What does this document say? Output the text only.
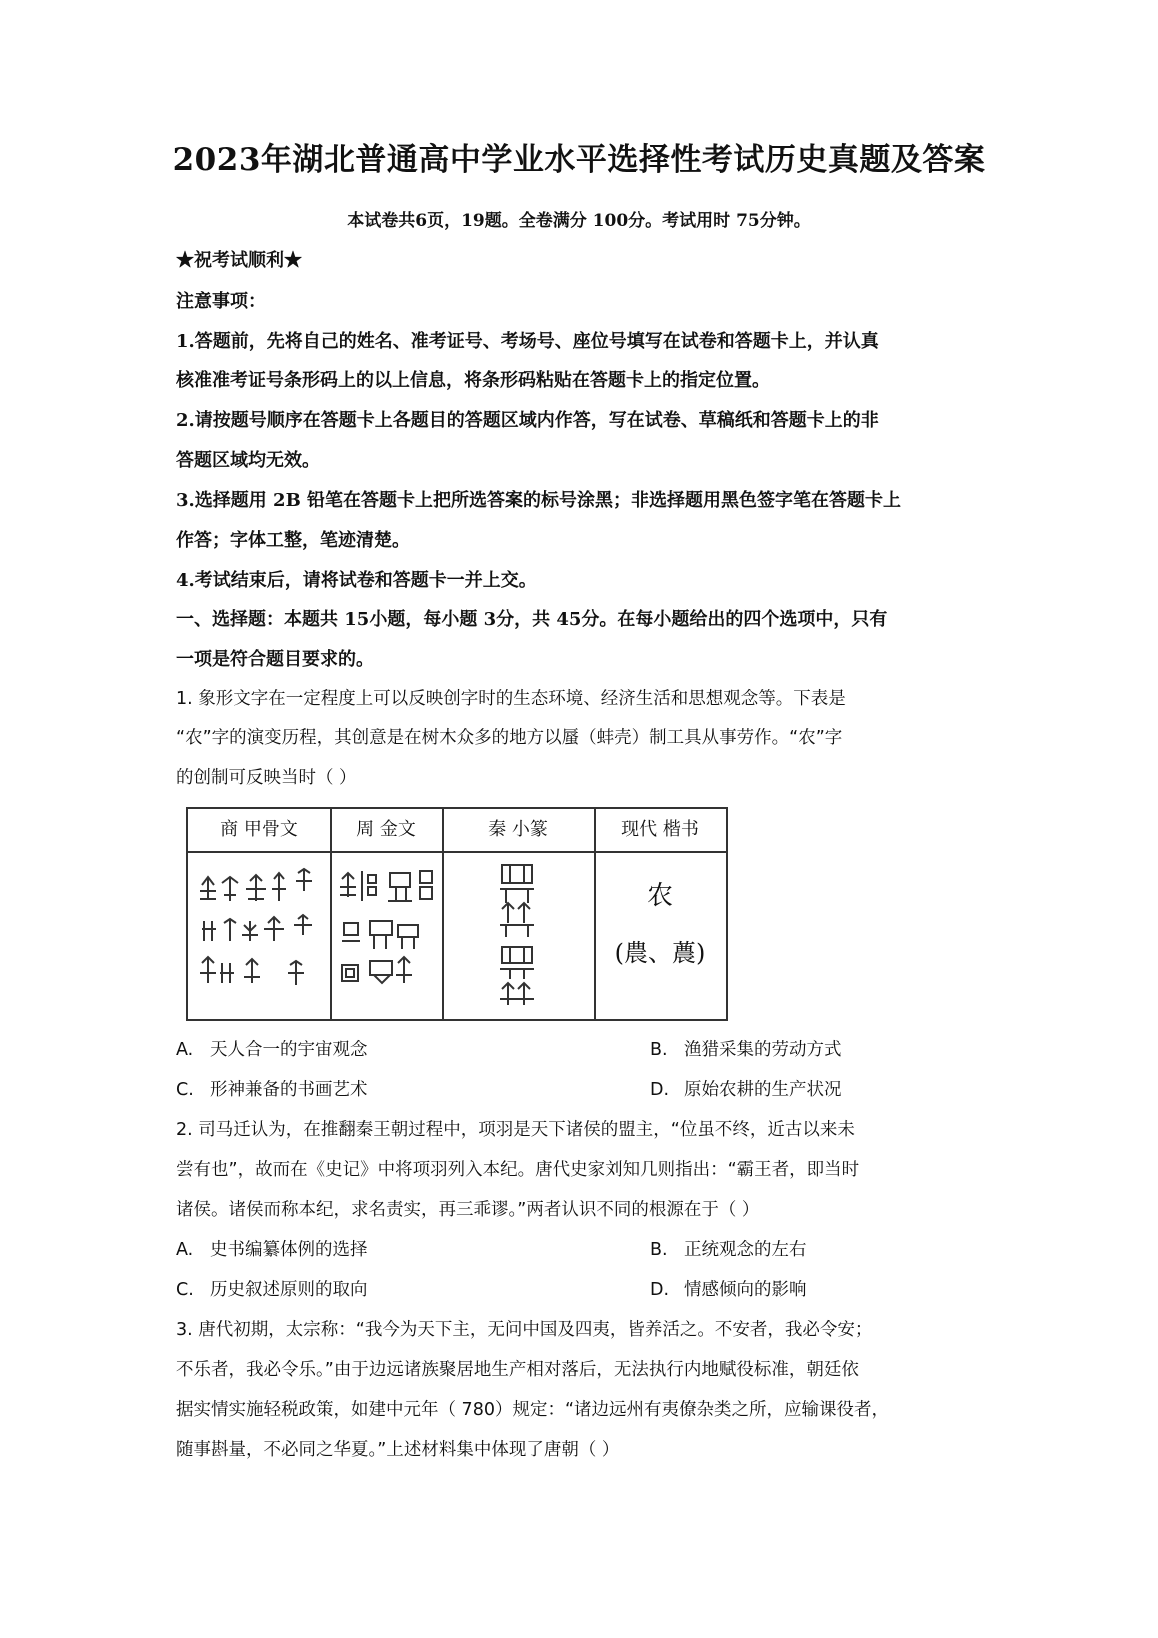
2023年湖北普通高中学业水平选择性考试历史真题及答案
本试卷共6页，19题。全卷满分 100分。考试用时 75分钟。
★祝考试顺利★
注意事项：
1.答题前，先将自己的姓名、准考证号、考场号、座位号填写在试卷和答题卡上，并认真
核准准考证号条形码上的以上信息，将条形码粘贴在答题卡上的指定位置。
2.请按题号顺序在答题卡上各题目的答题区域内作答，写在试卷、草稿纸和答题卡上的非
答题区域均无效。
3.选择题用 2B 铅笔在答题卡上把所选答案的标号涂黑；非选择题用黑色签字笔在答题卡上
作答；字体工整，笔迹清楚。
4.考试结束后，请将试卷和答题卡一并上交。
一、选择题：本题共 15小题，每小题 3分，共 45分。在每小题给出的四个选项中，只有
一项是符合题目要求的。
1. 象形文字在一定程度上可以反映创字时的生态环境、经济生活和思想观念等。下表是
“农”字的演变历程，其创意是在树木众多的地方以蜃（蚌壳）制工具从事劳作。“农”字
的创制可反映当时（ ）
商 甲骨文	周 金文	秦 小篆	现代 楷书
农
(農、蕽)
A. 天人合一的宇宙观念	B. 渔猎采集的劳动方式
C. 形神兼备的书画艺术	D. 原始农耕的生产状况
2. 司马迁认为，在推翻秦王朝过程中，项羽是天下诸侯的盟主，“位虽不终，近古以来未
尝有也”，故而在《史记》中将项羽列入本纪。唐代史家刘知几则指出：“霸王者，即当时
诸侯。诸侯而称本纪，求名责实，再三乖谬。”两者认识不同的根源在于（ ）
A. 史书编纂体例的选择	B. 正统观念的左右
C. 历史叙述原则的取向	D. 情感倾向的影响
3. 唐代初期，太宗称：“我今为天下主，无问中国及四夷，皆养活之。不安者，我必令安；
不乐者，我必令乐。”由于边远诸族聚居地生产相对落后，无法执行内地赋役标准，朝廷依
据实情实施轻税政策，如建中元年（ 780）规定：“诸边远州有夷僚杂类之所，应输课役者，
随事斟量，不必同之华夏。”上述材料集中体现了唐朝（ ）
